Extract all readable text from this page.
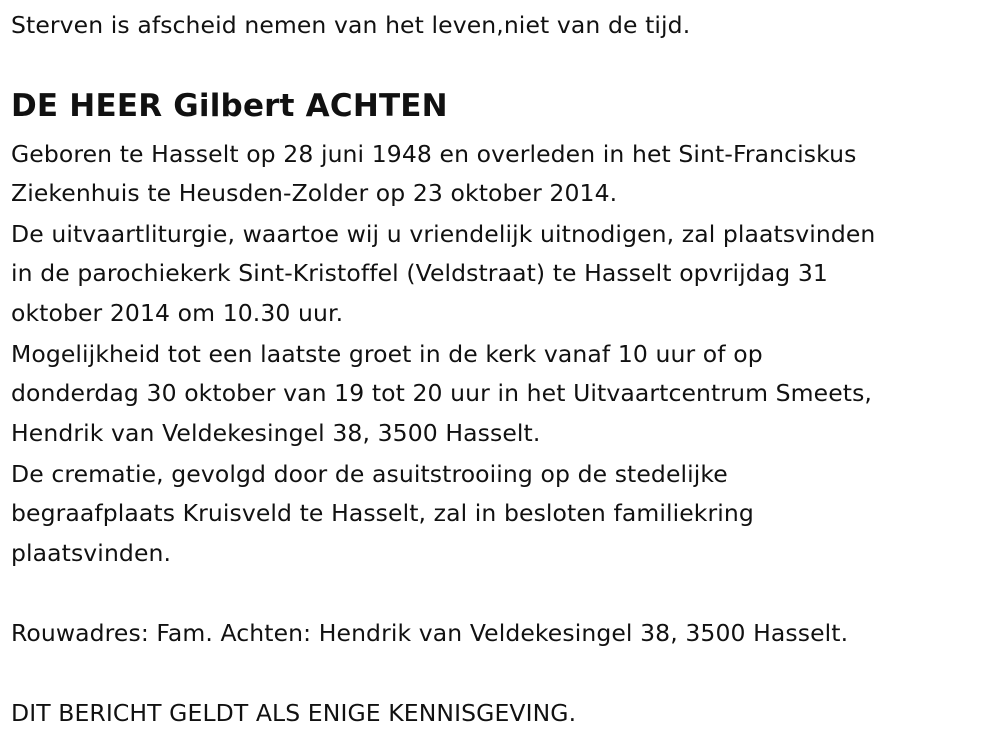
Sterven is afscheid nemen van het leven,niet van de tijd.
DE HEER Gilbert ACHTEN
Geboren te Hasselt op 28 juni 1948 en overleden in het Sint-Franciskus
Ziekenhuis te Heusden-Zolder op 23 oktober 2014.
De uitvaartliturgie, waartoe wij u vriendelijk uitnodigen, zal plaatsvinden
in de parochiekerk Sint-Kristoffel (Veldstraat) te Hasselt opvrijdag 31
oktober 2014 om 10.30 uur.
Mogelijkheid tot een laatste groet in de kerk vanaf 10 uur of op
donderdag 30 oktober van 19 tot 20 uur in het Uitvaartcentrum Smeets,
Hendrik van Veldekesingel 38, 3500 Hasselt.
De crematie, gevolgd door de asuitstrooiing op de stedelijke
begraafplaats Kruisveld te Hasselt, zal in besloten familiekring
plaatsvinden.
Rouwadres: Fam. Achten: Hendrik van Veldekesingel 38, 3500 Hasselt.
DIT BERICHT GELDT ALS ENIGE KENNISGEVING.
